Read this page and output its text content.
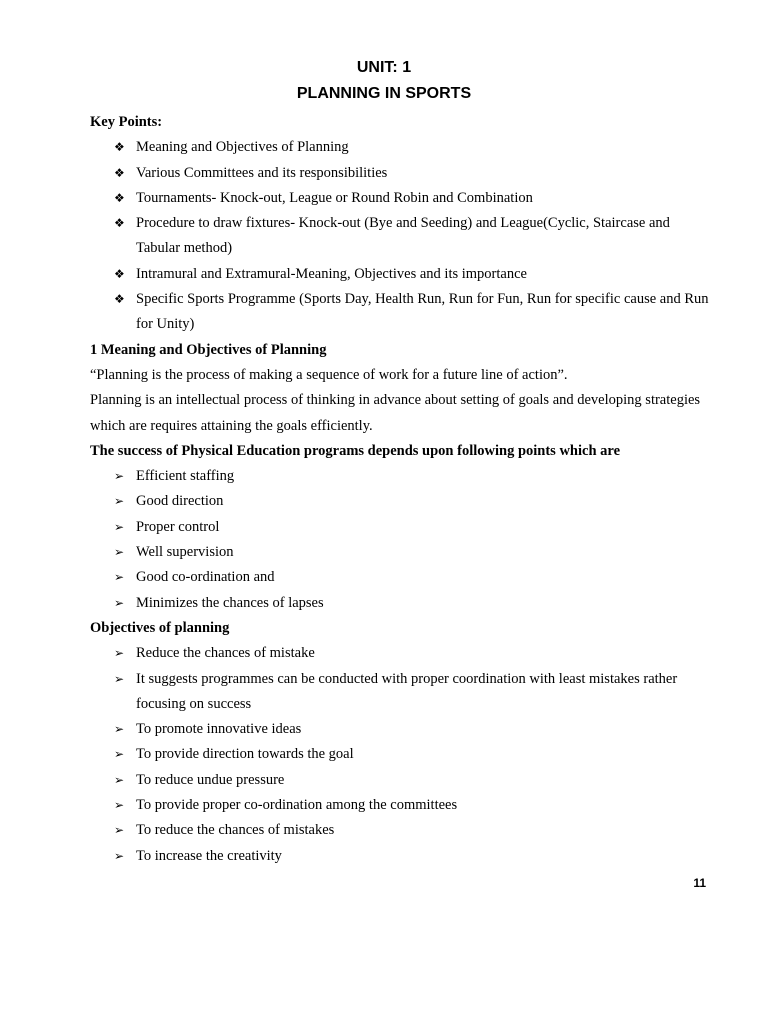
UNIT: 1
PLANNING IN SPORTS

Key Points:

❖ Meaning and Objectives of Planning
❖ Various Committees and its responsibilities
❖ Tournaments- Knock-out, League or Round Robin and Combination
❖ Procedure to draw fixtures- Knock-out (Bye and Seeding) and League(Cyclic, Staircase and Tabular method)
❖ Intramural and Extramural-Meaning, Objectives and its importance
❖ Specific Sports Programme (Sports Day, Health Run, Run for Fun, Run for specific cause and Run for Unity)

1 Meaning and Objectives of Planning

“Planning is the process of making a sequence of work for a future line of action”.

Planning is an intellectual process of thinking in advance about setting of goals and developing strategies which are requires attaining the goals efficiently.

The success of Physical Education programs depends upon following points which are

➢ Efficient staffing
➢ Good direction
➢ Proper control
➢ Well supervision
➢ Good co-ordination and
➢ Minimizes the chances of lapses

Objectives of planning

➢ Reduce the chances of mistake
➢ It suggests programmes can be conducted with proper coordination with least mistakes rather focusing on success
➢ To promote innovative ideas
➢ To provide direction towards the goal
➢ To reduce undue pressure
➢ To provide proper co-ordination among the committees
➢ To reduce the chances of mistakes
➢ To increase the creativity
11
